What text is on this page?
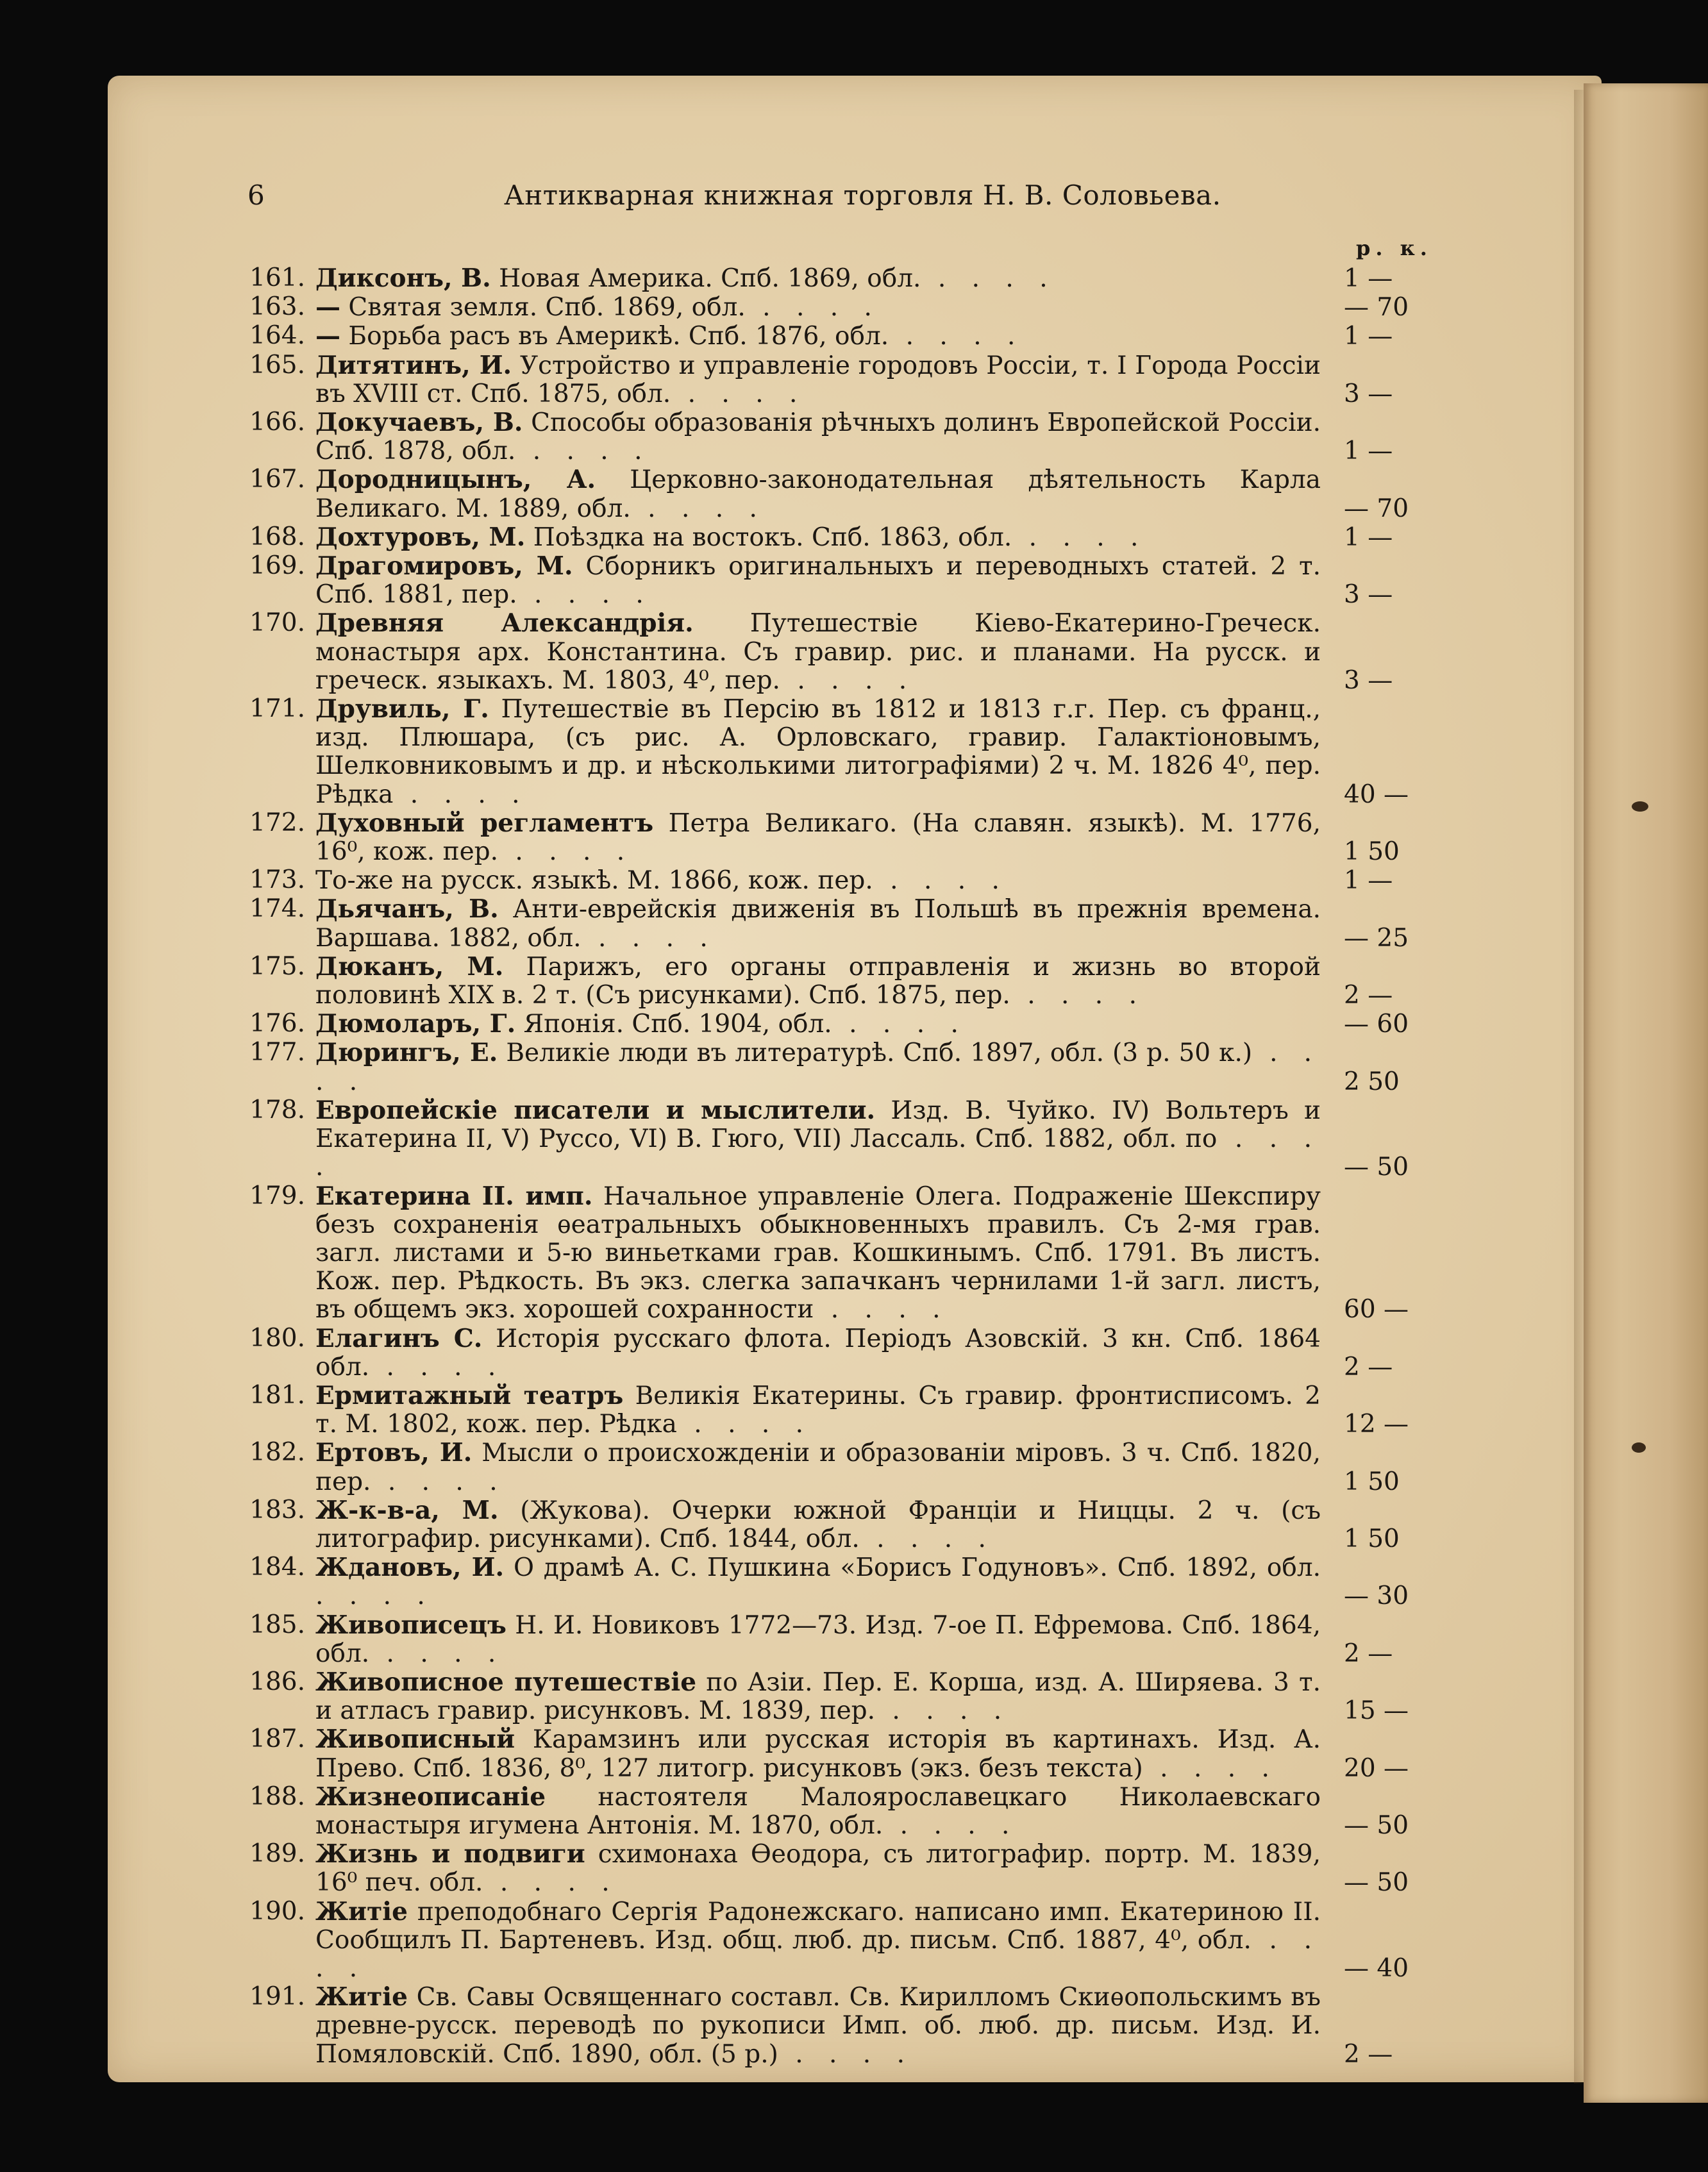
6	Антикварная книжная торговля Н. В. Соловьева.
р. к.
161. Диксонъ, В. Новая Америка. Спб. 1869, обл. . . . .	1 —
163. — Святая земля. Спб. 1869, обл. . . . .	— 70
164. — Борьба расъ въ Америкѣ. Спб. 1876, обл. . . . .	1 —
165. Дитятинъ, И. Устройство и управленіе городовъ Россіи, т. I Города Россіи въ XVIII ст. Спб. 1875, обл. . . . .	3 —
166. Докучаевъ, В. Способы образованія рѣчныхъ долинъ Европейской Россіи. Спб. 1878, обл. . . . .	1 —
167. Дородницынъ, А. Церковно-законодательная дѣятельность Карла Великаго. М. 1889, обл. . . . .	— 70
168. Дохтуровъ, М. Поѣздка на востокъ. Спб. 1863, обл. . . . .	1 —
169. Драгомировъ, М. Сборникъ оригинальныхъ и переводныхъ статей. 2 т. Спб. 1881, пер. . . . .	3 —
170. Древняя Александрія. Путешествіе Кіево-Екатерино-Греческ. монастыря арх. Константина. Съ гравир. рис. и планами. На русск. и греческ. языкахъ. М. 1803, 4⁰, пер. . . . .	3 —
171. Друвиль, Г. Путешествіе въ Персію въ 1812 и 1813 г.г. Пер. съ франц., изд. Плюшара, (съ рис. А. Орловскаго, гравир. Галактіоновымъ, Шелковниковымъ и др. и нѣсколькими литографіями) 2 ч. М. 1826 4⁰, пер. Рѣдка . . . .	40 —
172. Духовный регламентъ Петра Великаго. (На славян. языкѣ). М. 1776, 16⁰, кож. пер. . . . .	1 50
173. То-же на русск. языкѣ. М. 1866, кож. пер. . . . .	1 —
174. Дьячанъ, В. Анти-еврейскія движенія въ Польшѣ въ прежнія времена. Варшава. 1882, обл. . . . .	— 25
175. Дюканъ, М. Парижъ, его органы отправленія и жизнь во второй половинѣ XIX в. 2 т. (Съ рисунками). Спб. 1875, пер. . . . .	2 —
176. Дюмоларъ, Г. Японія. Спб. 1904, обл. . . . .	— 60
177. Дюрингъ, Е. Великіе люди въ литературѣ. Спб. 1897, обл. (3 р. 50 к.) . . . .	2 50
178. Европейскіе писатели и мыслители. Изд. В. Чуйко. IV) Вольтеръ и Екатерина II, V) Руссо, VI) В. Гюго, VII) Лассаль. Спб. 1882, обл. по . . . .	— 50
179. Екатерина II. имп. Начальное управленіе Олега. Подраженіе Шекспиру безъ сохраненія ѳеатральныхъ обыкновенныхъ правилъ. Съ 2-мя грав. загл. листами и 5-ю виньетками грав. Кошкинымъ. Спб. 1791. Въ листъ. Кож. пер. Рѣдкость. Въ экз. слегка запачканъ чернилами 1-й загл. листъ, въ общемъ экз. хорошей сохранности . . . .	60 —
180. Елагинъ С. Исторія русскаго флота. Періодъ Азовскій. 3 кн. Спб. 1864 обл. . . . .	2 —
181. Ермитажный театръ Великія Екатерины. Съ гравир. фронтисписомъ. 2 т. М. 1802, кож. пер. Рѣдка . . . .	12 —
182. Ертовъ, И. Мысли о происхожденіи и образованіи міровъ. 3 ч. Спб. 1820, пер. . . . .	1 50
183. Ж-к-в-а, М. (Жукова). Очерки южной Франціи и Ниццы. 2 ч. (съ литографир. рисунками). Спб. 1844, обл. . . . .	1 50
184. Ждановъ, И. О драмѣ А. С. Пушкина «Борисъ Годуновъ». Спб. 1892, обл. . . . .	— 30
185. Живописецъ Н. И. Новиковъ 1772—73. Изд. 7-ое П. Ефремова. Спб. 1864, обл. . . . .	2 —
186. Живописное путешествіе по Азіи. Пер. Е. Корша, изд. А. Ширяева. 3 т. и атласъ гравир. рисунковъ. М. 1839, пер. . . . .	15 —
187. Живописный Карамзинъ или русская исторія въ картинахъ. Изд. А. Прево. Спб. 1836, 8⁰, 127 литогр. рисунковъ (экз. безъ текста) . . . .	20 —
188. Жизнеописаніе настоятеля Малоярославецкаго Николаевскаго монастыря игумена Антонія. М. 1870, обл. . . . .	— 50
189. Жизнь и подвиги схимонаха Ѳеодора, съ литографир. портр. М. 1839, 16⁰ печ. обл. . . . .	— 50
190. Житіе преподобнаго Сергія Радонежскаго. написано имп. Екатериною II. Сообщилъ П. Бартеневъ. Изд. общ. люб. др. письм. Спб. 1887, 4⁰, обл. . . . .	— 40
191. Житіе Св. Савы Освященнаго составл. Св. Кирилломъ Скиѳопольскимъ въ древне-русск. переводѣ по рукописи Имп. об. люб. др. письм. Изд. И. Помяловскій. Спб. 1890, обл. (5 р.) . . . .	2 —
